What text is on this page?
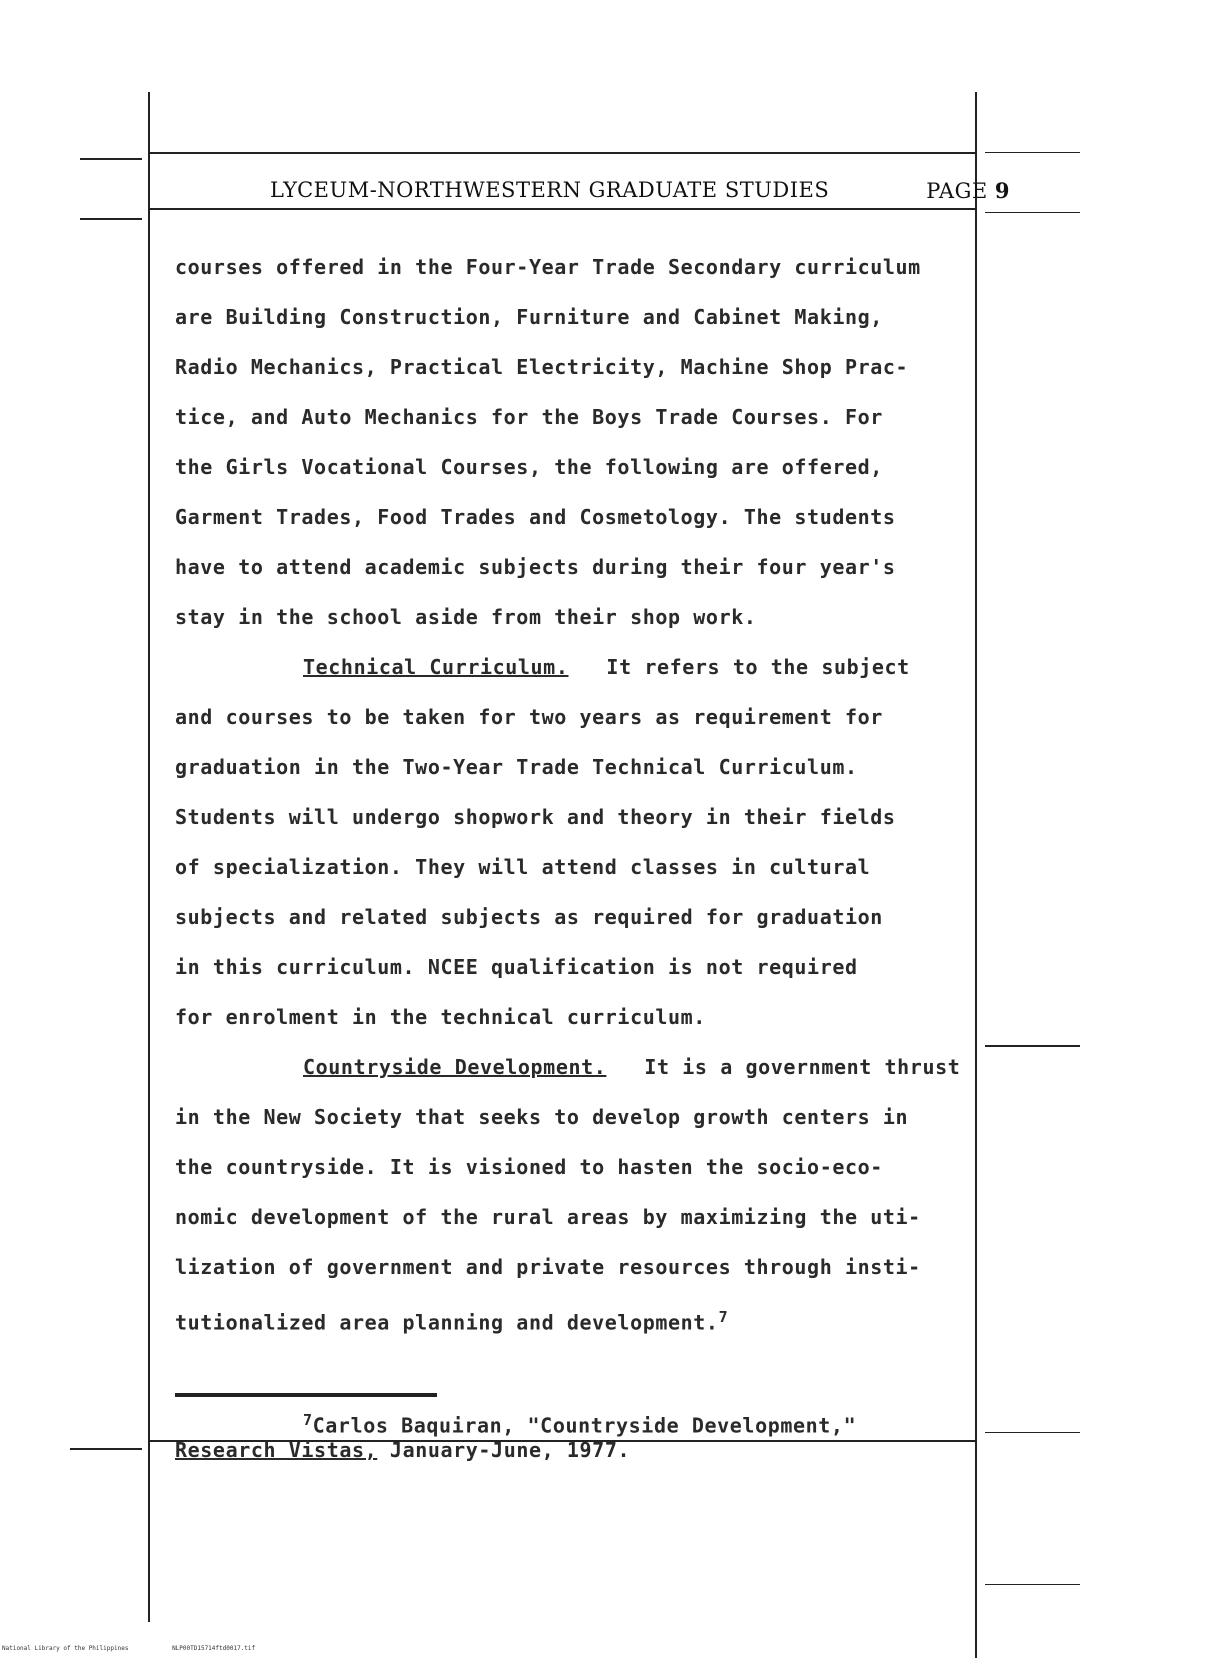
LYCEUM-NORTHWESTERN GRADUATE STUDIES	PAGE 9
courses offered in the Four-Year Trade Secondary curriculum
are Building Construction, Furniture and Cabinet Making,
Radio Mechanics, Practical Electricity, Machine Shop Prac-
tice, and Auto Mechanics for the Boys Trade Courses. For
the Girls Vocational Courses, the following are offered,
Garment Trades, Food Trades and Cosmetology. The students
have to attend academic subjects during their four year's
stay in the school aside from their shop work.
Technical Curriculum. It refers to the subject
and courses to be taken for two years as requirement for
graduation in the Two-Year Trade Technical Curriculum.
Students will undergo shopwork and theory in their fields
of specialization. They will attend classes in cultural
subjects and related subjects as required for graduation
in this curriculum. NCEE qualification is not required
for enrolment in the technical curriculum.
Countryside Development. It is a government thrust
in the New Society that seeks to develop growth centers in
the countryside. It is visioned to hasten the socio-eco-
nomic development of the rural areas by maximizing the uti-
lization of government and private resources through insti-
tutionalized area planning and development.$^7$
$^7$Carlos Baquiran, "Countryside Development,"
Research Vistas, January-June, 1977.
National Library of the Philippines	NLP00TD15714ftd0017.tif
